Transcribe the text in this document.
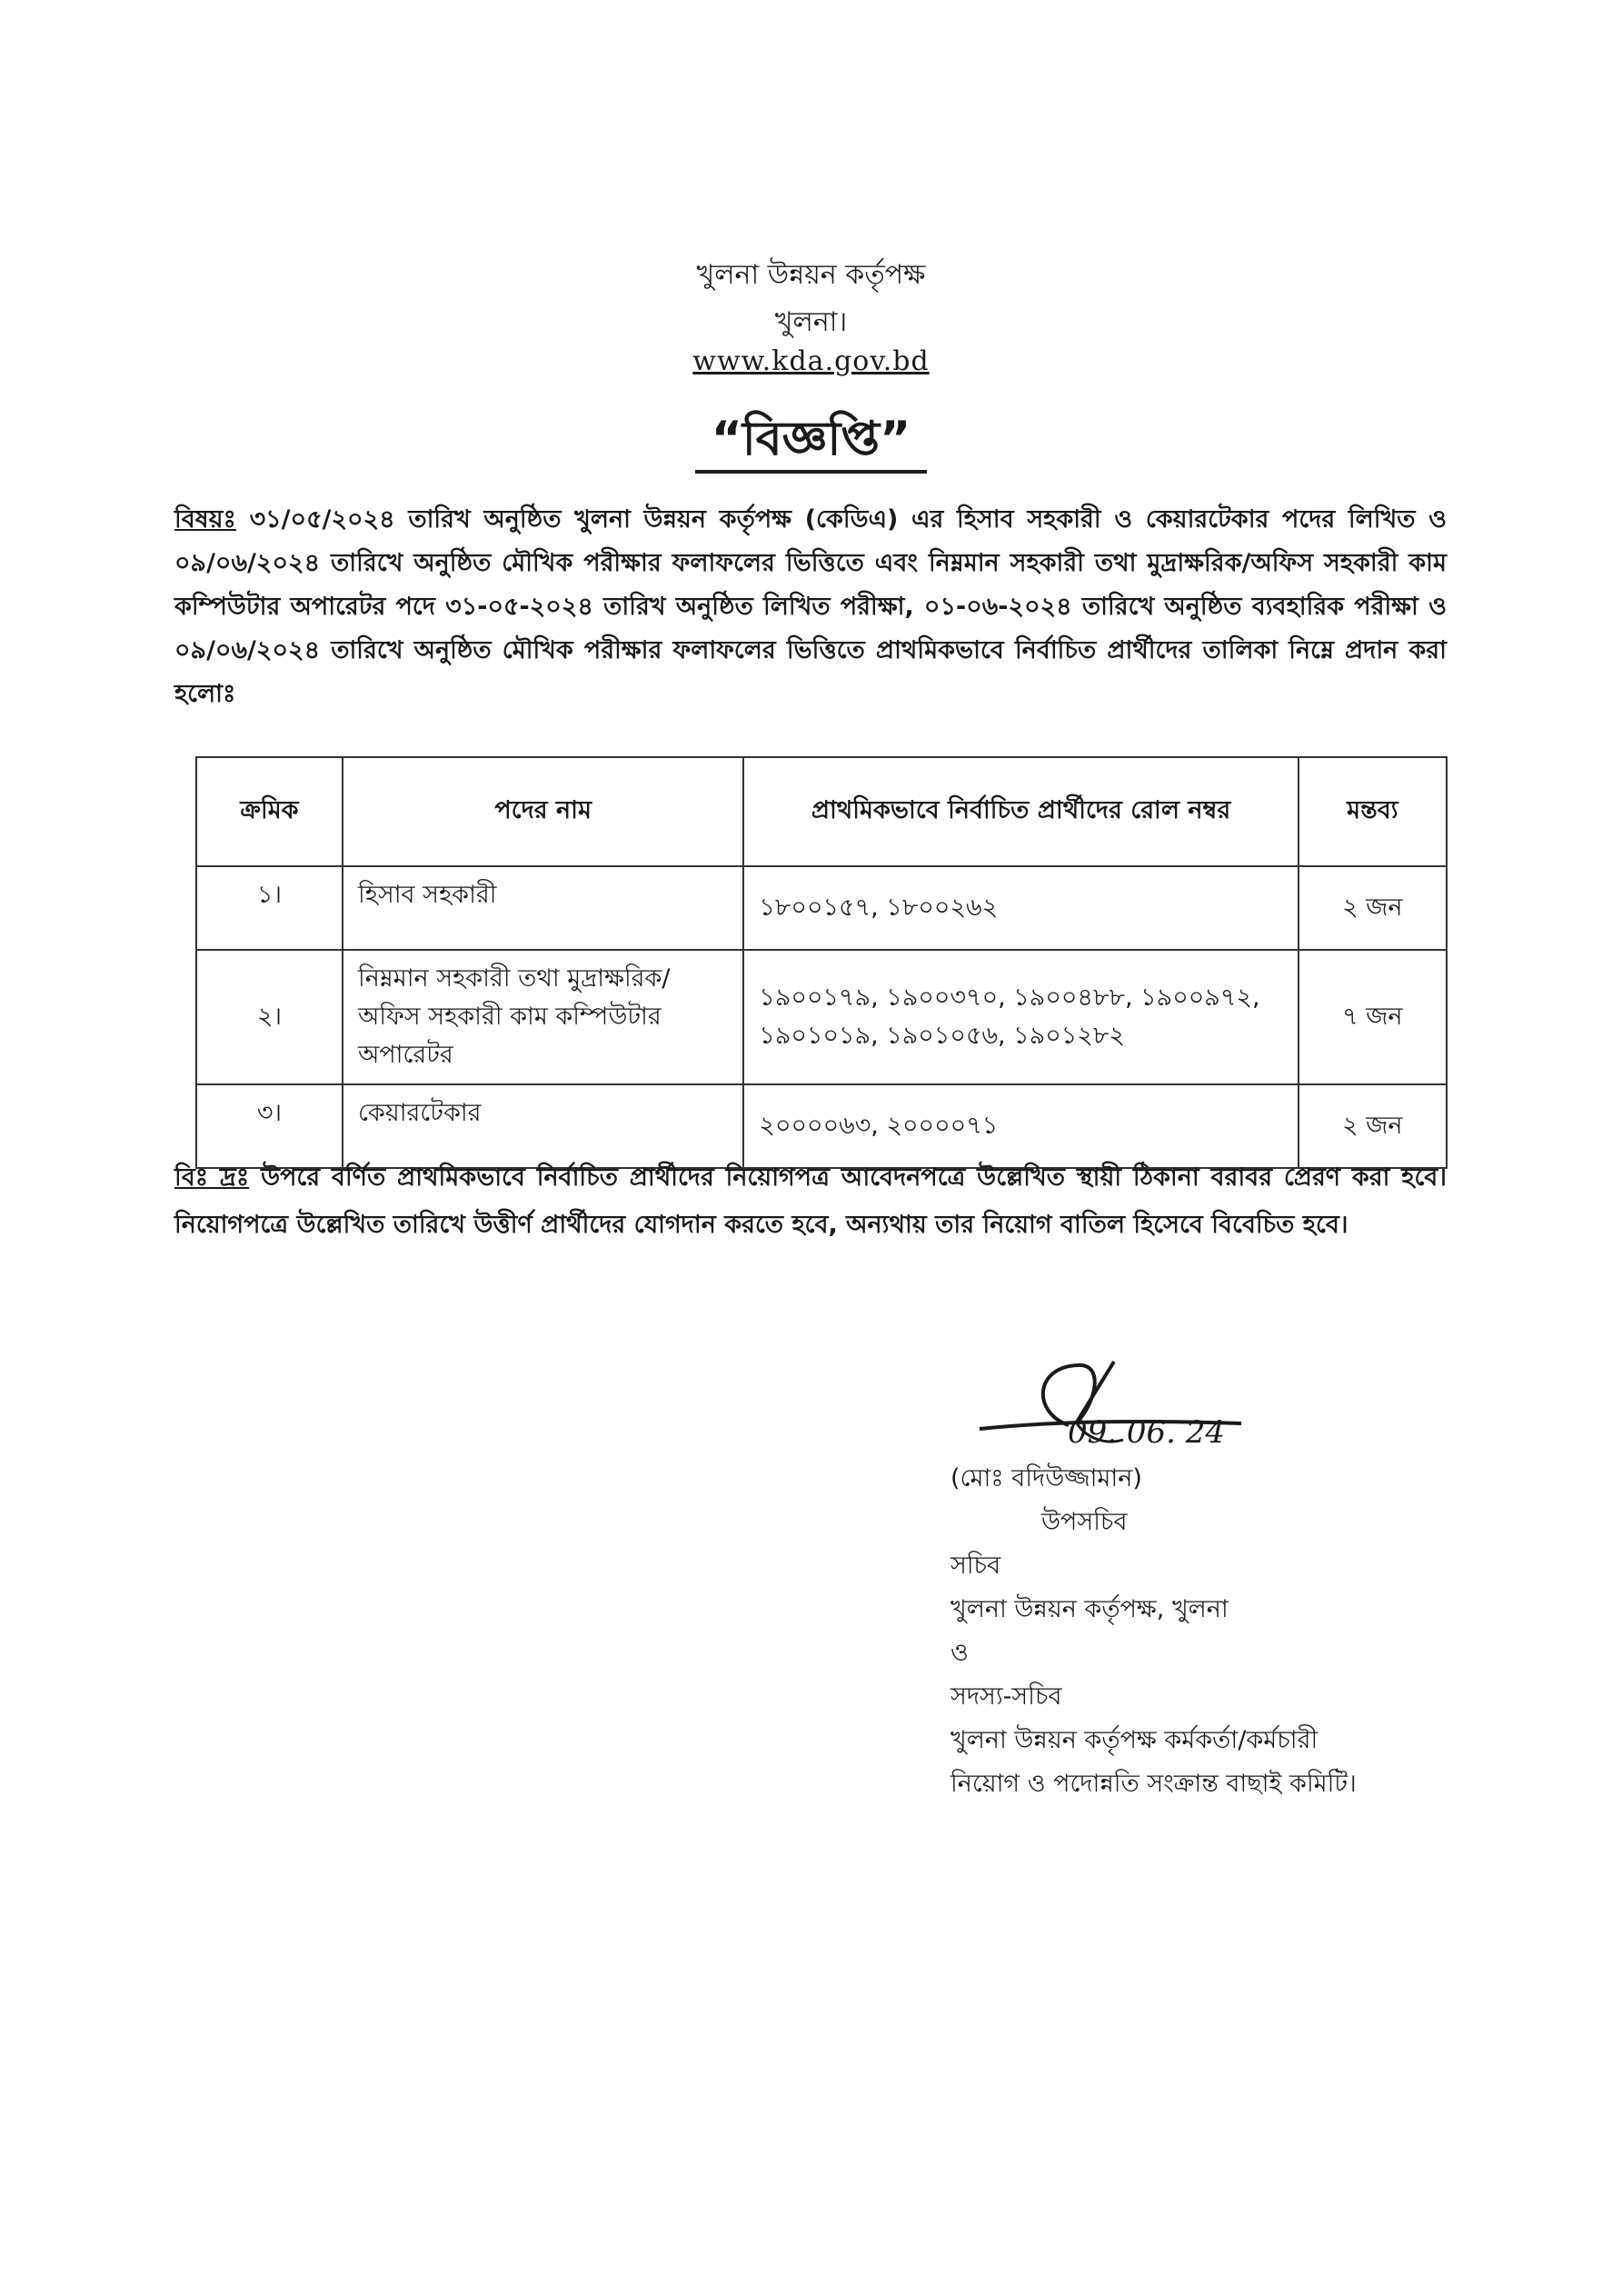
খুলনা উন্নয়ন কর্তৃপক্ষ
খুলনা।
www.kda.gov.bd
“বিজ্ঞপ্তি”
বিষয়ঃ ৩১/০৫/২০২৪ তারিখ অনুষ্ঠিত খুলনা উন্নয়ন কর্তৃপক্ষ (কেডিএ) এর হিসাব সহকারী ও কেয়ারটেকার পদের লিখিত ও ০৯/০৬/২০২৪ তারিখে অনুষ্ঠিত মৌখিক পরীক্ষার ফলাফলের ভিত্তিতে এবং নিম্নমান সহকারী তথা মুদ্রাক্ষরিক/অফিস সহকারী কাম কম্পিউটার অপারেটর পদে ৩১-০৫-২০২৪ তারিখ অনুষ্ঠিত লিখিত পরীক্ষা, ০১-০৬-২০২৪ তারিখে অনুষ্ঠিত ব্যবহারিক পরীক্ষা ও ০৯/০৬/২০২৪ তারিখে অনুষ্ঠিত মৌখিক পরীক্ষার ফলাফলের ভিত্তিতে প্রাথমিকভাবে নির্বাচিত প্রার্থীদের তালিকা নিম্নে প্রদান করা হলোঃ
ক্রমিক	পদের নাম	প্রাথমিকভাবে নির্বাচিত প্রার্থীদের রোল নম্বর	মন্তব্য
১।	হিসাব সহকারী	১৮০০১৫৭, ১৮০০২৬২	২ জন
২।	নিম্নমান সহকারী তথা মুদ্রাক্ষরিক/ অফিস সহকারী কাম কম্পিউটার অপারেটর	১৯০০১৭৯, ১৯০০৩৭০, ১৯০০৪৮৮, ১৯০০৯৭২, ১৯০১০১৯, ১৯০১০৫৬, ১৯০১২৮২	৭ জন
৩।	কেয়ারটেকার	২০০০০৬৩, ২০০০০৭১	২ জন
বিঃ দ্রঃ উপরে বর্ণিত প্রাথমিকভাবে নির্বাচিত প্রার্থীদের নিয়োগপত্র আবেদনপত্রে উল্লেখিত স্থায়ী ঠিকানা বরাবর প্রেরণ করা হবে। নিয়োগপত্রে উল্লেখিত তারিখে উত্তীর্ণ প্রার্থীদের যোগদান করতে হবে, অন্যথায় তার নিয়োগ বাতিল হিসেবে বিবেচিত হবে।
09. 06. 24
(মোঃ বদিউজ্জামান)
উপসচিব
সচিব
খুলনা উন্নয়ন কর্তৃপক্ষ, খুলনা
ও
সদস্য-সচিব
খুলনা উন্নয়ন কর্তৃপক্ষ কর্মকর্তা/কর্মচারী
নিয়োগ ও পদোন্নতি সংক্রান্ত বাছাই কমিটি।
